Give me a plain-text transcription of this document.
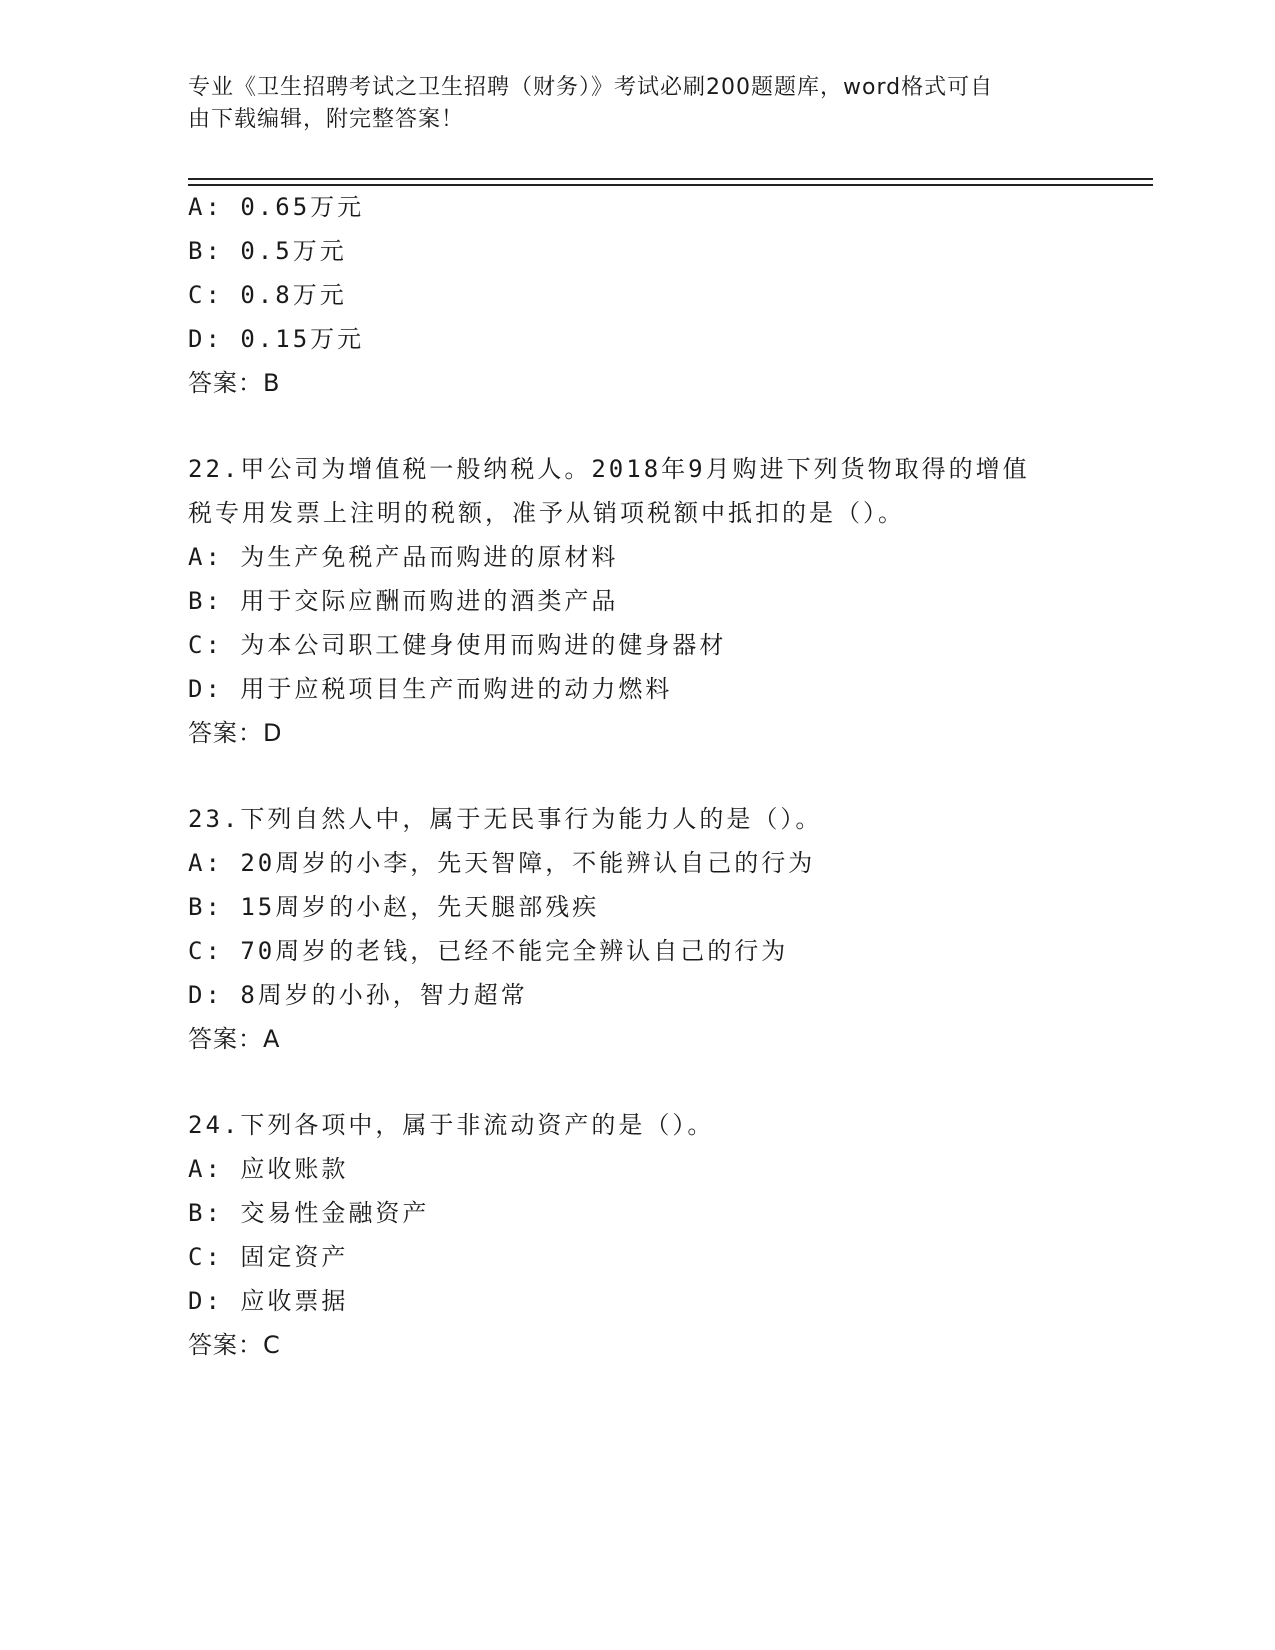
专业《卫生招聘考试之卫生招聘（财务）》考试必刷200题题库，word格式可自
由下载编辑，附完整答案！
A: 0.65万元
B: 0.5万元
C: 0.8万元
D: 0.15万元
答案：B
22.甲公司为增值税一般纳税人。2018年9月购进下列货物取得的增值
税专用发票上注明的税额，准予从销项税额中抵扣的是（）。
A: 为生产免税产品而购进的原材料
B: 用于交际应酬而购进的酒类产品
C: 为本公司职工健身使用而购进的健身器材
D: 用于应税项目生产而购进的动力燃料
答案：D
23.下列自然人中，属于无民事行为能力人的是（）。
A: 20周岁的小李，先天智障，不能辨认自己的行为
B: 15周岁的小赵，先天腿部残疾
C: 70周岁的老钱，已经不能完全辨认自己的行为
D: 8周岁的小孙，智力超常
答案：A
24.下列各项中，属于非流动资产的是（）。
A: 应收账款
B: 交易性金融资产
C: 固定资产
D: 应收票据
答案：C
